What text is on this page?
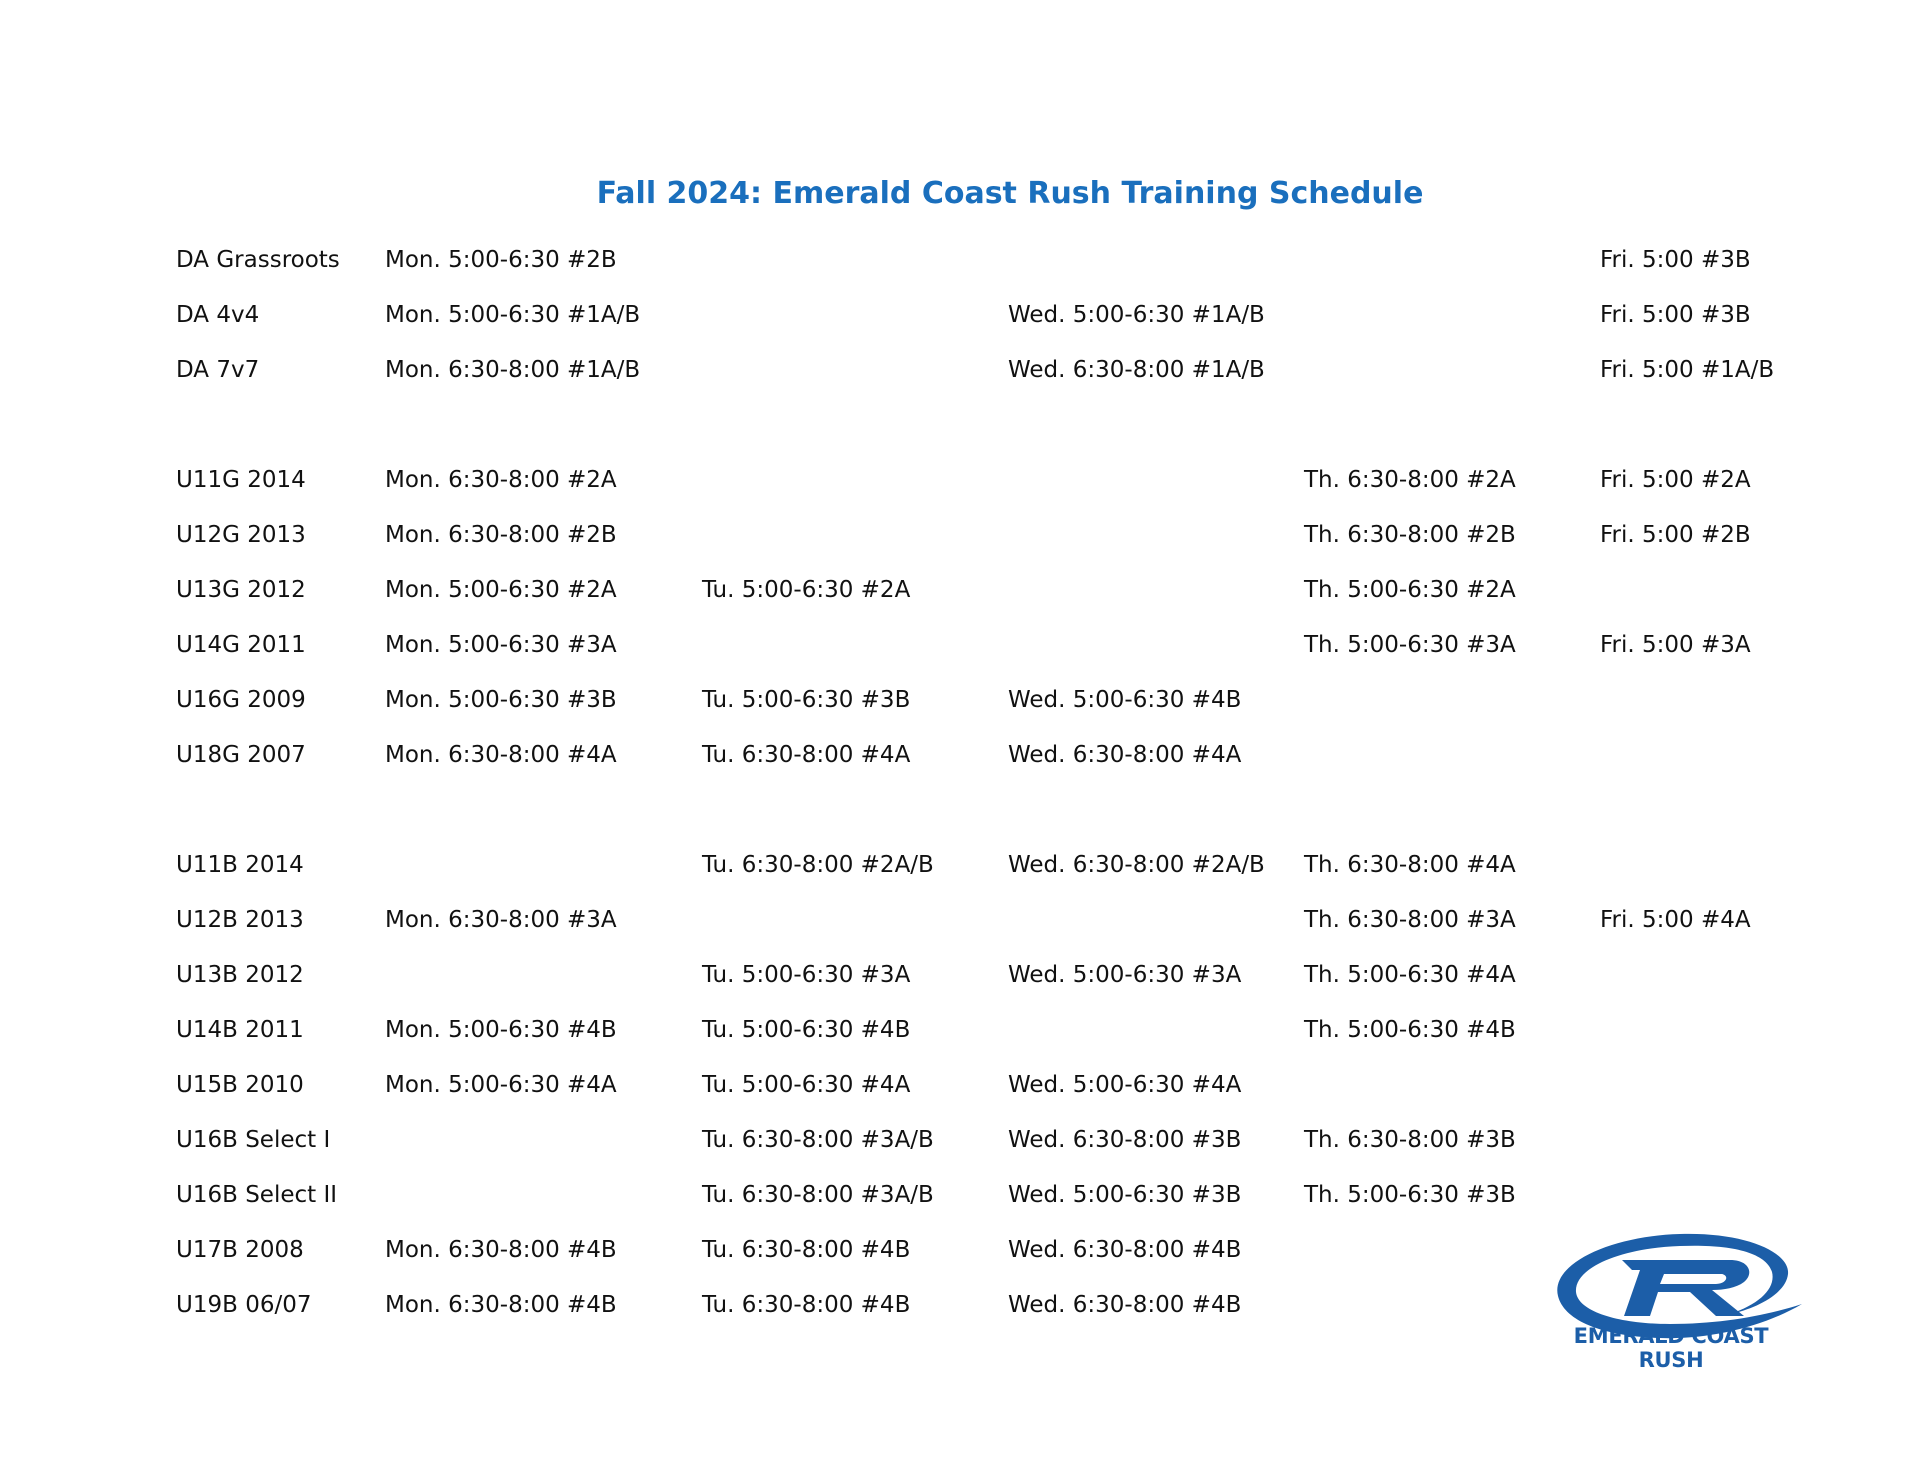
Fall 2024: Emerald Coast Rush Training Schedule
DA Grassroots	Mon. 5:00-6:30 #2B	Fri. 5:00 #3B
DA 4v4	Mon. 5:00-6:30 #1A/B	Wed. 5:00-6:30 #1A/B	Fri. 5:00 #3B
DA 7v7	Mon. 6:30-8:00 #1A/B	Wed. 6:30-8:00 #1A/B	Fri. 5:00 #1A/B
U11G 2014	Mon. 6:30-8:00 #2A	Th. 6:30-8:00 #2A	Fri. 5:00 #2A
U12G 2013	Mon. 6:30-8:00 #2B	Th. 6:30-8:00 #2B	Fri. 5:00 #2B
U13G 2012	Mon. 5:00-6:30 #2A	Tu. 5:00-6:30 #2A	Th. 5:00-6:30 #2A
U14G 2011	Mon. 5:00-6:30 #3A	Th. 5:00-6:30 #3A	Fri. 5:00 #3A
U16G 2009	Mon. 5:00-6:30 #3B	Tu. 5:00-6:30 #3B	Wed. 5:00-6:30 #4B
U18G 2007	Mon. 6:30-8:00 #4A	Tu. 6:30-8:00 #4A	Wed. 6:30-8:00 #4A
U11B 2014	Tu. 6:30-8:00 #2A/B	Wed. 6:30-8:00 #2A/B	Th. 6:30-8:00 #4A
U12B 2013	Mon. 6:30-8:00 #3A	Th. 6:30-8:00 #3A	Fri. 5:00 #4A
U13B 2012	Tu. 5:00-6:30 #3A	Wed. 5:00-6:30 #3A	Th. 5:00-6:30 #4A
U14B 2011	Mon. 5:00-6:30 #4B	Tu. 5:00-6:30 #4B	Th. 5:00-6:30 #4B
U15B 2010	Mon. 5:00-6:30 #4A	Tu. 5:00-6:30 #4A	Wed. 5:00-6:30 #4A
U16B Select I	Tu. 6:30-8:00 #3A/B	Wed. 6:30-8:00 #3B	Th. 6:30-8:00 #3B
U16B Select II	Tu. 6:30-8:00 #3A/B	Wed. 5:00-6:30 #3B	Th. 5:00-6:30 #3B
U17B 2008	Mon. 6:30-8:00 #4B	Tu. 6:30-8:00 #4B	Wed. 6:30-8:00 #4B
U19B 06/07	Mon. 6:30-8:00 #4B	Tu. 6:30-8:00 #4B	Wed. 6:30-8:00 #4B
EMERALD COAST RUSH
